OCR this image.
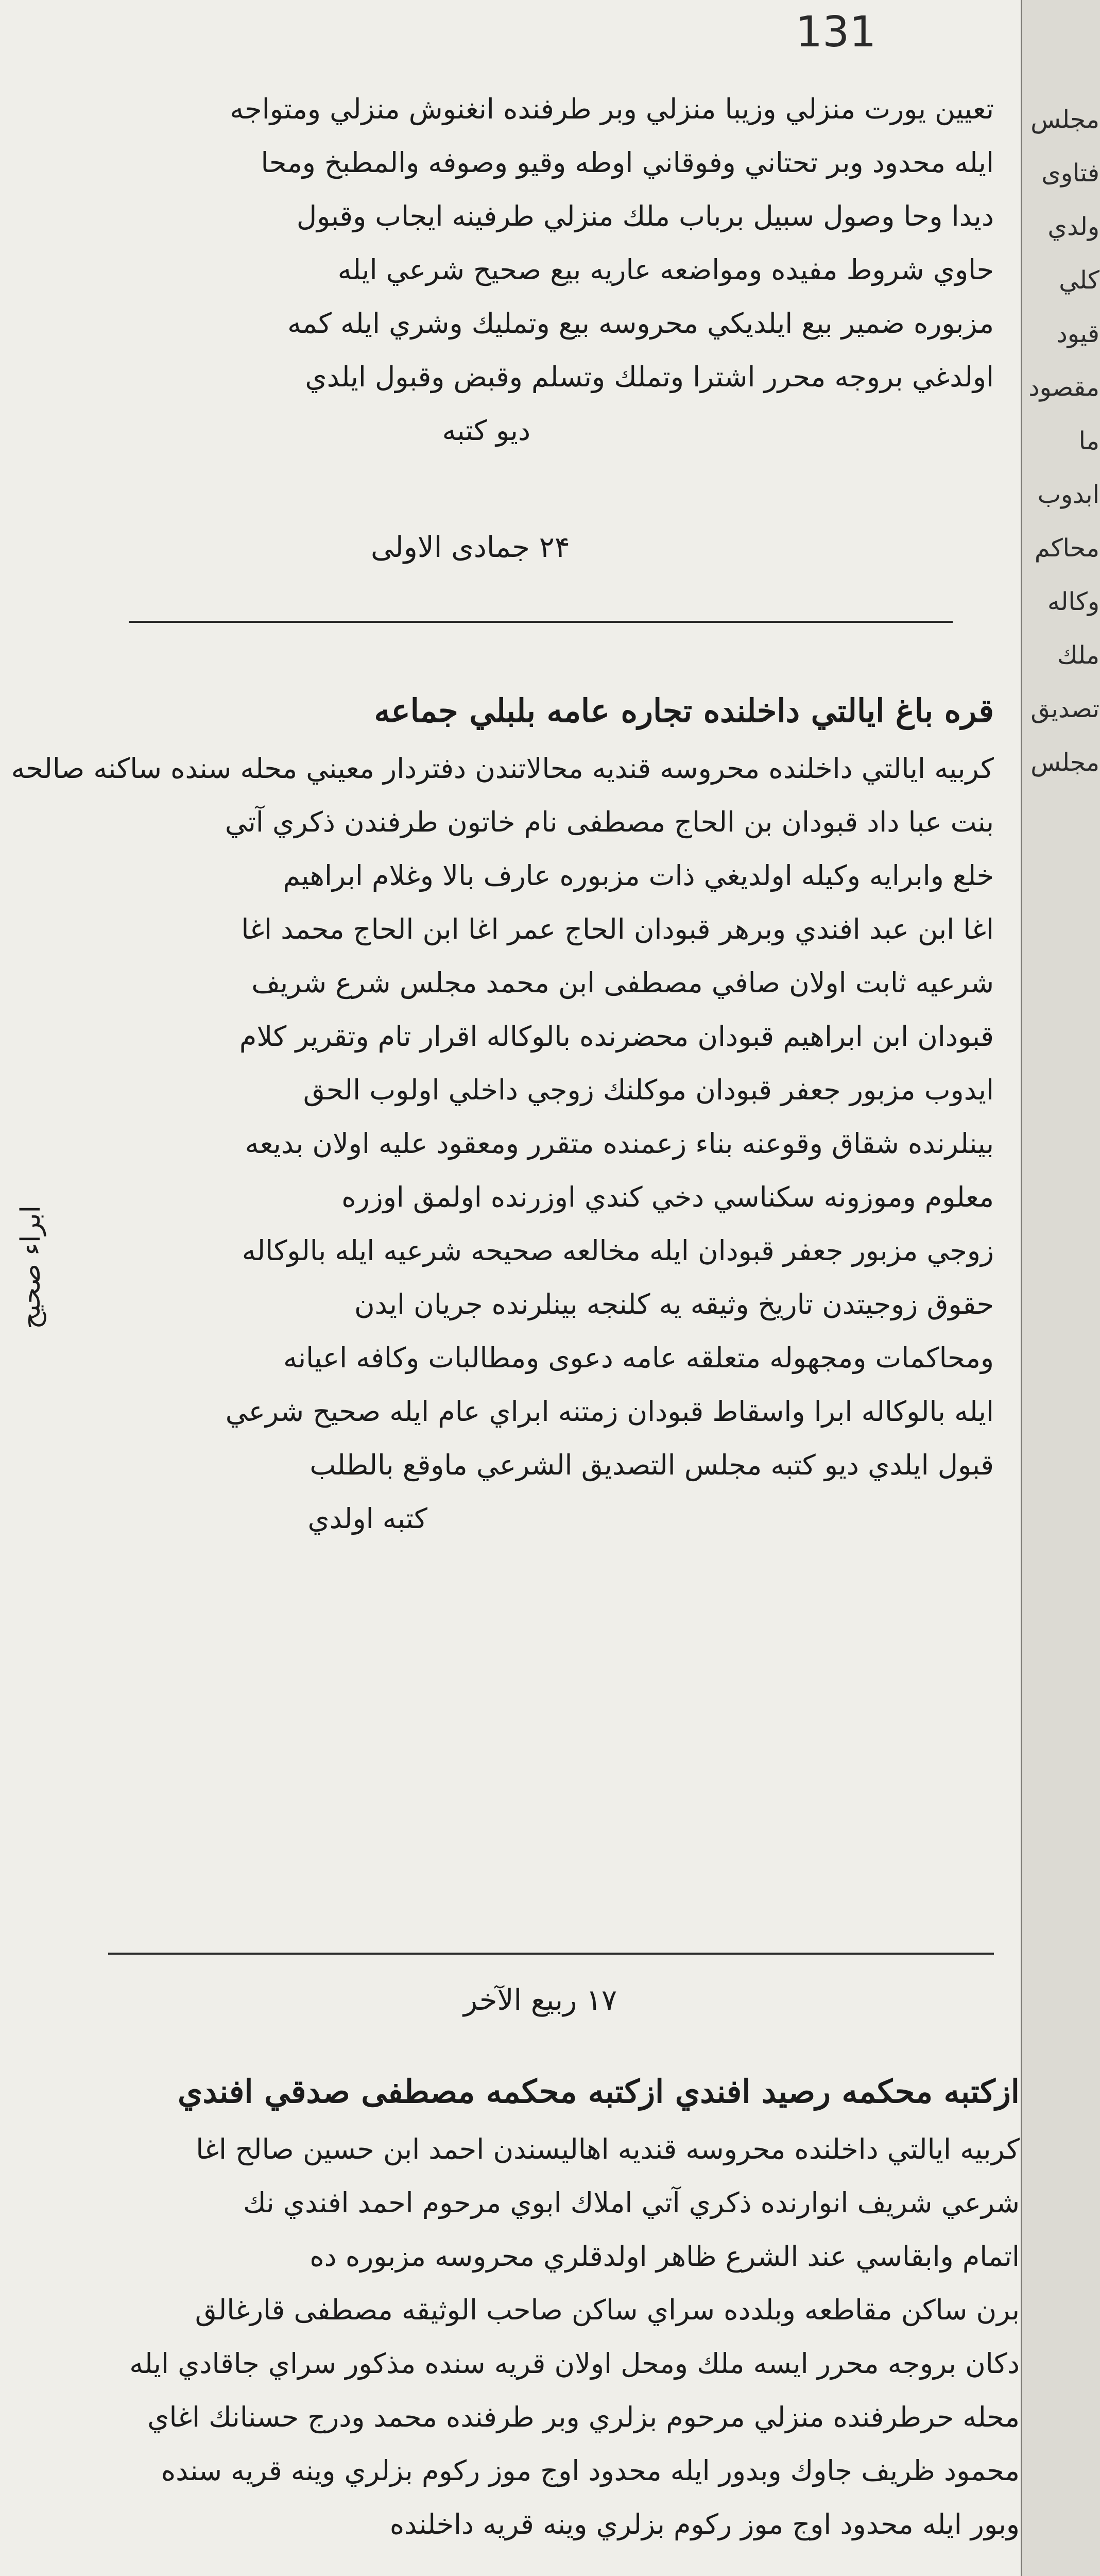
131
تعيين يورت منزلي وزيبا منزلي وبر طرفنده انغنوش منزلي ومتواجه
ايله محدود وبر تحتاني وفوقاني اوطه وقيو وصوفه والمطبخ ومحا
ديدا وحا وصول سبيل برباب ملك منزلي طرفينه ايجاب وقبول
حاوي شروط مفيده ومواضعه عاريه بيع صحيح شرعي ايله
مزبوره ضمير بيع ايلديكي محروسه بيع وتمليك وشري ايله كمه
اولدغي بروجه محرر اشترا وتملك وتسلم وقبض وقبول ايلدي
ديو كتبه
۲۴ جمادى الاولى
قره باغ ايالتي داخلنده تجاره عامه بلبلي جماعه
كربيه ايالتي داخلنده محروسه قنديه محالاتندن دفتردار معيني محله سنده ساكنه صالحه
بنت عبا داد قبودان بن الحاج مصطفى نام خاتون طرفندن ذكري آتي
خلع وابرايه وكيله اولديغي ذات مزبوره عارف بالا وغلام ابراهيم
اغا ابن عبد افندي وبرهر قبودان الحاج عمر اغا ابن الحاج محمد اغا
شرعيه ثابت اولان صافي مصطفى ابن محمد مجلس شرع شريف
قبودان ابن ابراهيم قبودان محضرنده بالوكاله اقرار تام وتقرير كلام
ايدوب مزبور جعفر قبودان موكلنك زوجي داخلي اولوب الحق
بينلرنده شقاق وقوعنه بناء زعمنده متقرر ومعقود عليه اولان بديعه
معلوم وموزونه سكناسي دخي كندي اوزرنده اولمق اوزره
زوجي مزبور جعفر قبودان ايله مخالعه صحيحه شرعيه ايله بالوكاله
حقوق زوجيتدن تاريخ وثيقه يه كلنجه بينلرنده جريان ايدن
ومحاكمات ومجهوله متعلقه عامه دعوى ومطالبات وكافه اعيانه
ايله بالوكاله ابرا واسقاط قبودان زمتنه ابراي عام ايله صحيح شرعي
قبول ايلدي ديو كتبه مجلس التصديق الشرعي ماوقع بالطلب
كتبه اولدي
۱۷ ربيع الآخر
ابراء صحيح
ازكتبه محكمه رصيد افندي ازكتبه محكمه مصطفى صدقي افندي
كربيه ايالتي داخلنده محروسه قنديه اهاليسندن احمد ابن حسين صالح اغا
شرعي شريف انوارنده ذكري آتي املاك ابوي مرحوم احمد افندي نك
اتمام وابقاسي عند الشرع ظاهر اولدقلري محروسه مزبوره ده
برن ساكن مقاطعه وبلدده سراي ساكن صاحب الوثيقه مصطفى قارغالق
دكان بروجه محرر ايسه ملك ومحل اولان قريه سنده مذكور سراي جاقادي ايله
محله حرطرفنده منزلي مرحوم بزلري وبر طرفنده محمد ودرج حسنانك اغاي
محمود ظريف جاوك وبدور ايله محدود اوج موز ركوم بزلري وينه قريه سنده
وبور ايله محدود اوج موز ركوم بزلري وينه قريه داخلنده
مجلس
فتاوى
ولدي
كلي
قيود
مقصود
ما
ابدوب
محاكم
وكاله
ملك
تصديق
مجلس
